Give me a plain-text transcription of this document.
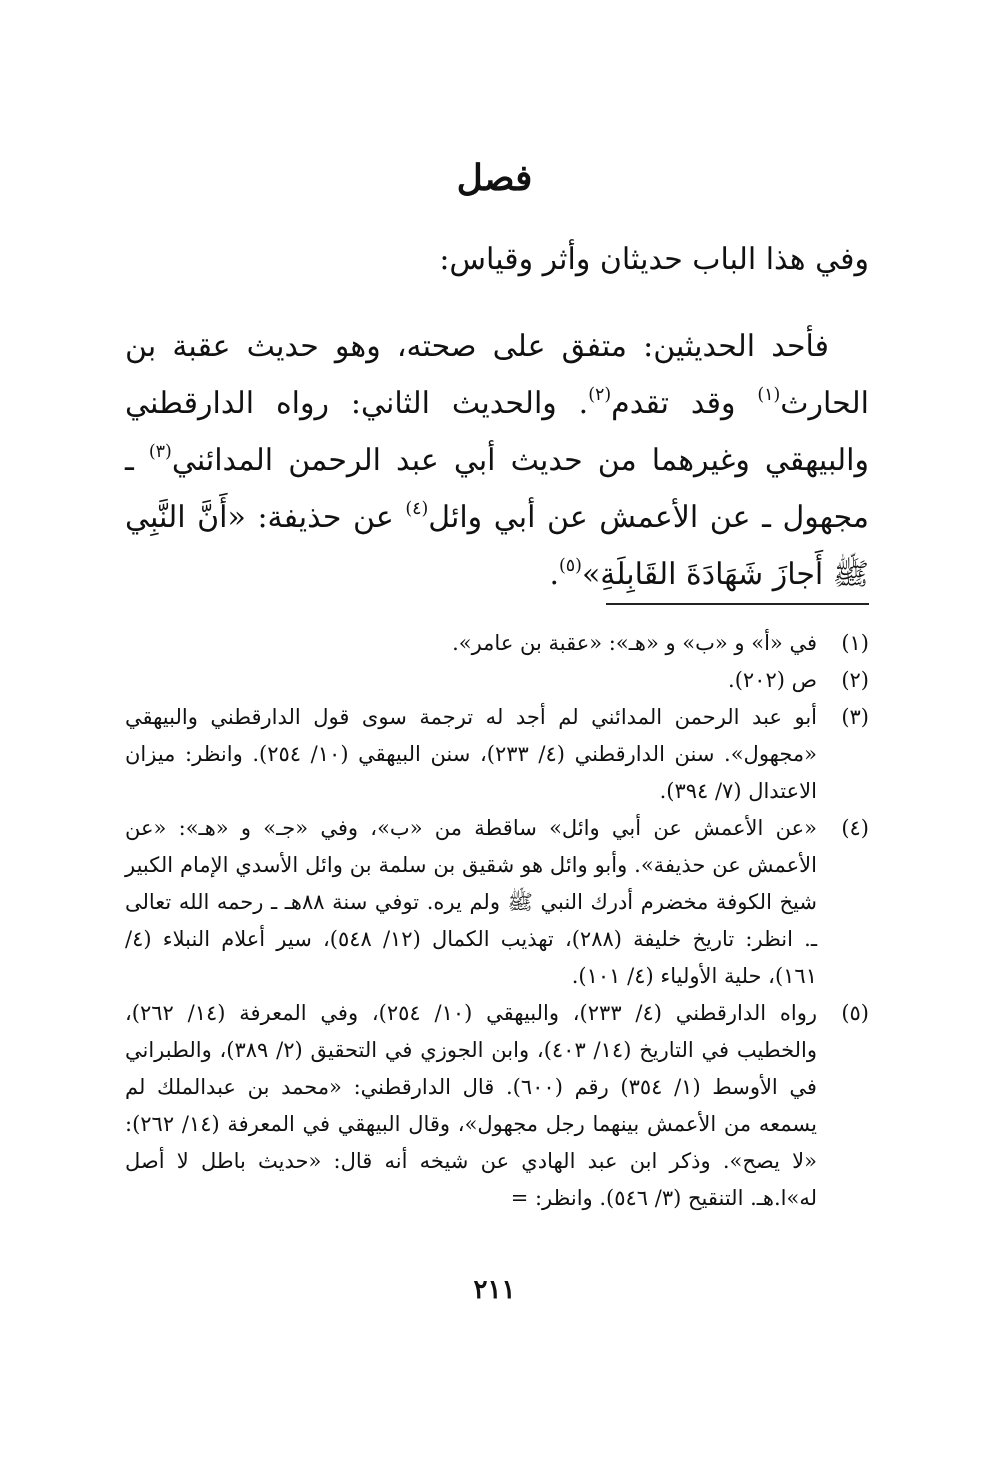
فصل
وفي هذا الباب حديثان وأثر وقياس:

فأحد الحديثين: متفق على صحته، وهو حديث عقبة بن الحارث$^{(١)}$ وقد تقدم$^{(٢)}$. والحديث الثاني: رواه الدارقطني والبيهقي وغيرهما من حديث أبي عبد الرحمن المدائني$^{(٣)}$ ـ مجهول ـ عن الأعمش عن أبي وائل$^{(٤)}$ عن حذيفة: «أَنَّ النَّبِي ﷺ أَجازَ شَهَادَةَ القَابِلَةِ»$^{(٥)}$.

(١)
في «أ» و «ب» و «هـ»: «عقبة بن عامر».
(٢)
ص (٢٠٢).
(٣)
أبو عبد الرحمن المدائني لم أجد له ترجمة سوى قول الدارقطني والبيهقي «مجهول». سنن الدارقطني (٤/ ٢٣٣)، سنن البيهقي (١٠/ ٢٥٤). وانظر: ميزان الاعتدال (٧/ ٣٩٤).
(٤)
«عن الأعمش عن أبي وائل» ساقطة من «ب»، وفي «جـ» و «هـ»: «عن الأعمش عن حذيفة». وأبو وائل هو شقيق بن سلمة بن وائل الأسدي الإمام الكبير شيخ الكوفة مخضرم أدرك النبي ﷺ ولم يره. توفي سنة ٨٨هـ ـ رحمه الله تعالى ـ. انظر: تاريخ خليفة (٢٨٨)، تهذيب الكمال (١٢/ ٥٤٨)، سير أعلام النبلاء (٤/ ١٦١)، حلية الأولياء (٤/ ١٠١).
(٥)
رواه الدارقطني (٤/ ٢٣٣)، والبيهقي (١٠/ ٢٥٤)، وفي المعرفة (١٤/ ٢٦٢)، والخطيب في التاريخ (١٤/ ٤٠٣)، وابن الجوزي في التحقيق (٢/ ٣٨٩)، والطبراني في الأوسط (١/ ٣٥٤) رقم (٦٠٠). قال الدارقطني: «محمد بن عبدالملك لم يسمعه من الأعمش بينهما رجل مجهول»، وقال البيهقي في المعرفة (١٤/ ٢٦٢): «لا يصح». وذكر ابن عبد الهادي عن شيخه أنه قال: «حديث باطل لا أصل له»ا.هـ. التنقيح (٣/ ٥٤٦). وانظر: =
٢١١
